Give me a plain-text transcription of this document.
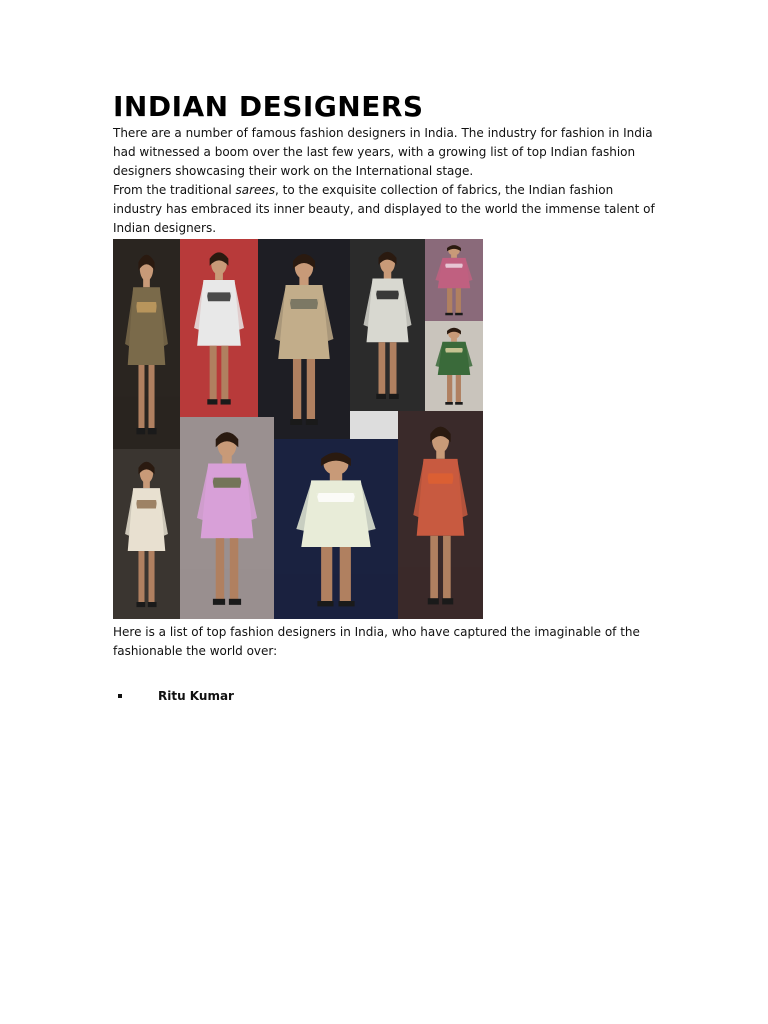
INDIAN DESIGNERS

There are a number of famous fashion designers in India. The industry for fashion in India had witnessed a boom over the last few years, with a growing list of top Indian fashion designers showcasing their work on the International stage.

From the traditional sarees, to the exquisite collection of fabrics, the Indian fashion industry has embraced its inner beauty, and displayed to the world the immense talent of Indian designers.

Here is a list of top fashion designers in India, who have captured the imaginable of the fashionable the world over:

Ritu Kumar
